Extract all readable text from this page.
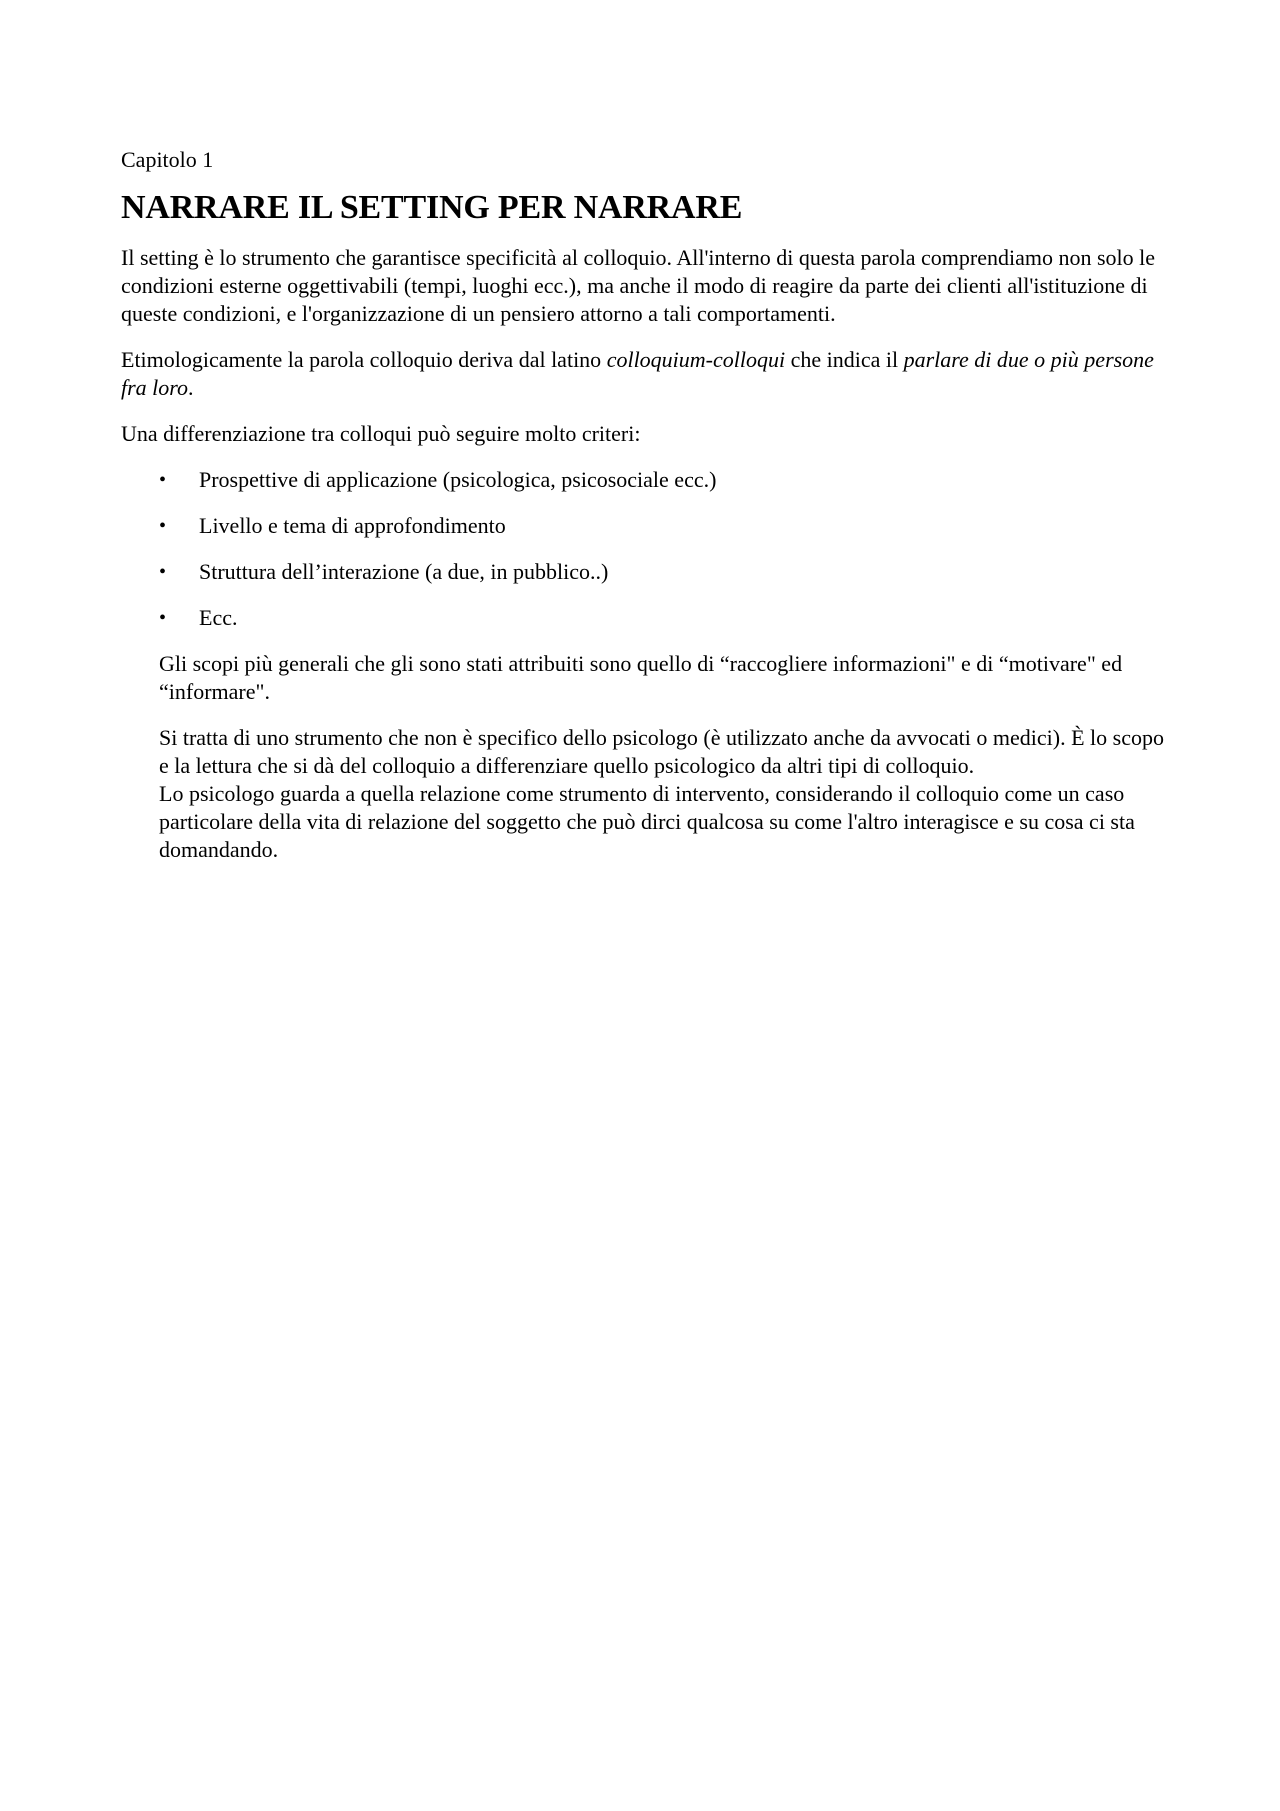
Capitolo 1
NARRARE IL SETTING PER NARRARE

Il setting è lo strumento che garantisce specificità al colloquio. All'interno di questa parola comprendiamo non solo le condizioni esterne oggettivabili (tempi, luoghi ecc.), ma anche il modo di reagire da parte dei clienti all'istituzione di queste condizioni, e l'organizzazione di un pensiero attorno a tali comportamenti.

Etimologicamente la parola colloquio deriva dal latino colloquium-colloqui che indica il parlare di due o più persone fra loro.

Una differenziazione tra colloqui può seguire molto criteri:

• Prospettive di applicazione (psicologica, psicosociale ecc.)
• Livello e tema di approfondimento
• Struttura dell’interazione (a due, in pubblico..)
• Ecc.

Gli scopi più generali che gli sono stati attribuiti sono quello di “raccogliere informazioni" e di “motivare" ed “informare".

Si tratta di uno strumento che non è specifico dello psicologo (è utilizzato anche da avvocati o medici). È lo scopo e la lettura che si dà del colloquio a differenziare quello psicologico da altri tipi di colloquio.

Lo psicologo guarda a quella relazione come strumento di intervento, considerando il colloquio come un caso particolare della vita di relazione del soggetto che può dirci qualcosa su come l'altro interagisce e su cosa ci sta domandando.
